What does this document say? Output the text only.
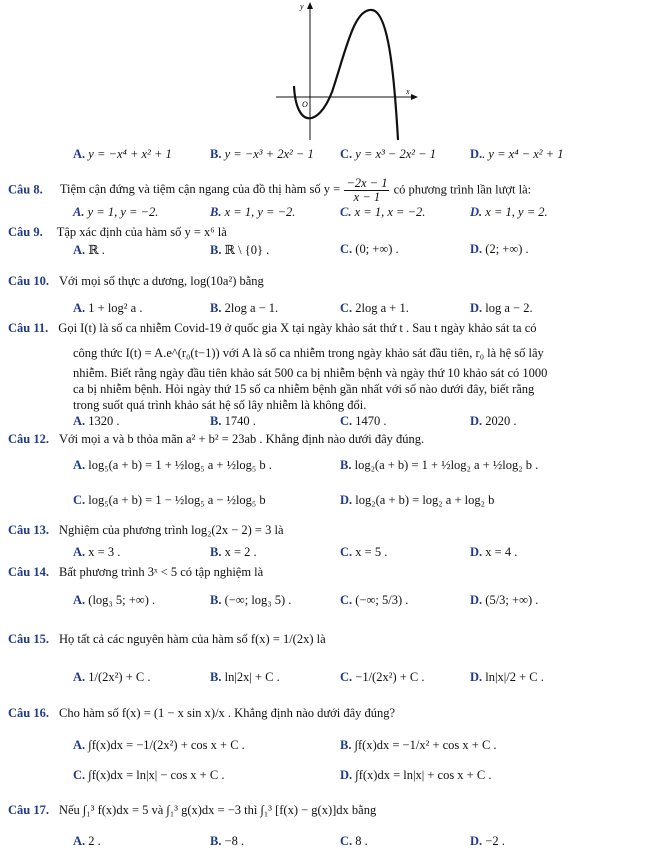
y
x
O
A. y = −x⁴ + x² + 1	B. y = −x³ + 2x² − 1 C. y = x³ − 2x² − 1	D.. y = x⁴ − x² + 1
Câu 8. Tiệm cận đứng và tiệm cận ngang của đồ thị hàm số $y = \frac{-2x - 1}{x - 1}$ có phương trình lần lượt là:
A. y = 1, y = −2.	B. x = 1, y = −2.	C. x = 1, x = −2.	D. x = 1, y = 2.
Câu 9. Tập xác định của hàm số y = x⁶ là
A. ℝ .	B. ℝ \ {0} .	C. (0; +∞) .	D. (2; +∞) .
Câu 10. Với mọi số thực a dương, log(10a²) bằng
A. 1 + log² a .	B. 2log a − 1.	C. 2log a + 1.	D. log a − 2.
Câu 11. Gọi I(t) là số ca nhiễm Covid-19 ở quốc gia X tại ngày khảo sát thứ t . Sau t ngày khảo sát ta có
công thức I(t) = A.e^(r₀(t−1)) với A là số ca nhiễm trong ngày khảo sát đầu tiên, r₀ là hệ số lây
nhiễm. Biết rằng ngày đầu tiên khảo sát 500 ca bị nhiễm bệnh và ngày thứ 10 khảo sát có 1000
ca bị nhiễm bệnh. Hỏi ngày thứ 15 số ca nhiễm bệnh gần nhất với số nào dưới đây, biết rằng
trong suốt quá trình khảo sát hệ số lây nhiễm là không đổi.
A. 1320 .	B. 1740 .	C. 1470 .	D. 2020 .
Câu 12. Với mọi a và b thỏa mãn a² + b² = 23ab . Khẳng định nào dưới đây đúng.
A. log₅(a + b) = 1 + ½log₅ a + ½log₅ b .	B. log₂(a + b) = 1 + ½log₂ a + ½log₂ b .
C. log₅(a + b) = 1 − ½log₅ a − ½log₅ b	D. log₂(a + b) = log₂ a + log₂ b
Câu 13. Nghiệm của phương trình log₂(2x − 2) = 3 là
A. x = 3 .	B. x = 2 .	C. x = 5 .	D. x = 4 .
Câu 14. Bất phương trình 3ˣ < 5 có tập nghiệm là
A. (log₃ 5; +∞) .	B. (−∞; log₃ 5) .	C. (−∞; 5/3) .	D. (5/3; +∞) .
Câu 15. Họ tất cả các nguyên hàm của hàm số f(x) = 1/(2x) là
A. 1/(2x²) + C .	B. ln|2x| + C .	C. −1/(2x²) + C .	D. ln|x|/2 + C .
Câu 16. Cho hàm số f(x) = (1 − x sin x)/x . Khẳng định nào dưới đây đúng?
A. ∫f(x)dx = −1/(2x²) + cos x + C .	B. ∫f(x)dx = −1/x² + cos x + C .
C. ∫f(x)dx = ln|x| − cos x + C .	D. ∫f(x)dx = ln|x| + cos x + C .
Câu 17. Nếu ∫₁³ f(x)dx = 5 và ∫₁³ g(x)dx = −3 thì ∫₁³ [f(x) − g(x)]dx bằng
A. 2 .	B. −8 .	C. 8 .	D. −2 .
